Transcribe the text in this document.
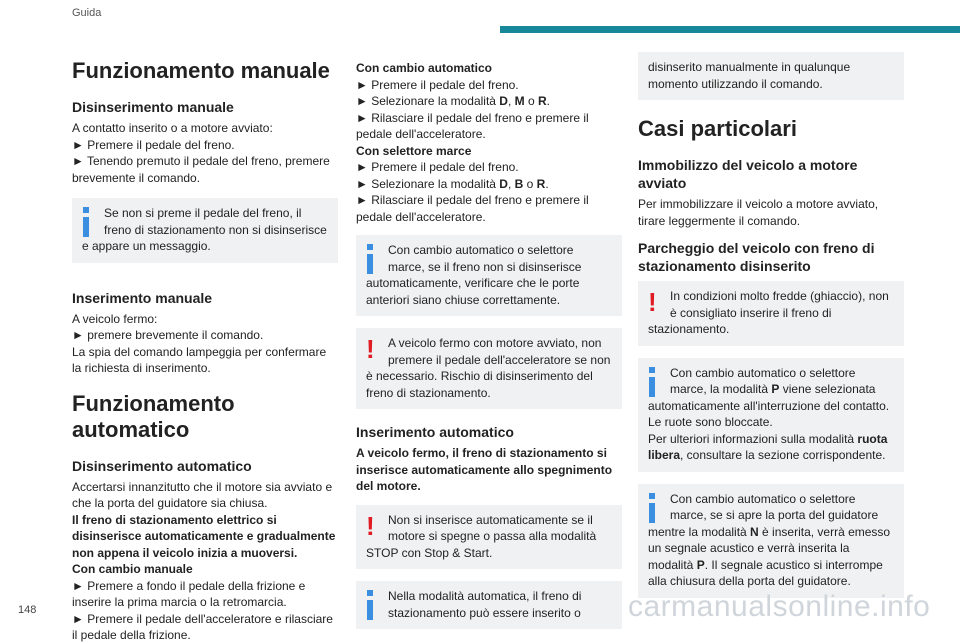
Guida
Funzionamento manuale
Disinserimento manuale

A contatto inserito o a motore avviato:

► Premere il pedale del freno.

► Tenendo premuto il pedale del freno, premere brevemente il comando.

Se non si preme il pedale del freno, il freno di stazionamento non si disinserisce e appare un messaggio.
Inserimento manuale

A veicolo fermo:

► premere brevemente il comando.

La spia del comando lampeggia per confermare la richiesta di inserimento.

Funzionamento automatico
Disinserimento automatico

Accertarsi innanzitutto che il motore sia avviato e che la porta del guidatore sia chiusa.

Il freno di stazionamento elettrico si disinserisce automaticamente e gradualmente non appena il veicolo inizia a muoversi.

Con cambio manuale

► Premere a fondo il pedale della frizione e inserire la prima marcia o la retromarcia.

► Premere il pedale dell'acceleratore e rilasciare il pedale della frizione.

Con cambio automatico

► Premere il pedale del freno.

► Selezionare la modalità D, M o R.

► Rilasciare il pedale del freno e premere il pedale dell'acceleratore.

Con selettore marce

► Premere il pedale del freno.

► Selezionare la modalità D, B o R.

► Rilasciare il pedale del freno e premere il pedale dell'acceleratore.

Con cambio automatico o selettore marce, se il freno non si disinserisce automaticamente, verificare che le porte anteriori siano chiuse correttamente.
!	A veicolo fermo con motore avviato, non premere il pedale dell'acceleratore se non è necessario. Rischio di disinserimento del freno di stazionamento.
Inserimento automatico

A veicolo fermo, il freno di stazionamento si inserisce automaticamente allo spegnimento del motore.

!	Non si inserisce automaticamente se il motore si spegne o passa alla modalità STOP con Stop & Start.
Nella modalità automatica, il freno di stazionamento può essere inserito o
disinserito manualmente in qualunque momento utilizzando il comando.
Casi particolari
Immobilizzo del veicolo a motore avviato

Per immobilizzare il veicolo a motore avviato, tirare leggermente il comando.

Parcheggio del veicolo con freno di stazionamento disinserito
!	In condizioni molto fredde (ghiaccio), non è consigliato inserire il freno di stazionamento.
Con cambio automatico o selettore marce, la modalità P viene selezionata automaticamente all'interruzione del contatto.
Le ruote sono bloccate.
Per ulteriori informazioni sulla modalità ruota libera, consultare la sezione corrispondente.
Con cambio automatico o selettore marce, se si apre la porta del guidatore mentre la modalità N è inserita, verrà emesso un segnale acustico e verrà inserita la modalità P. Il segnale acustico si interrompe alla chiusura della porta del guidatore.
148	carmanualsonline.info
